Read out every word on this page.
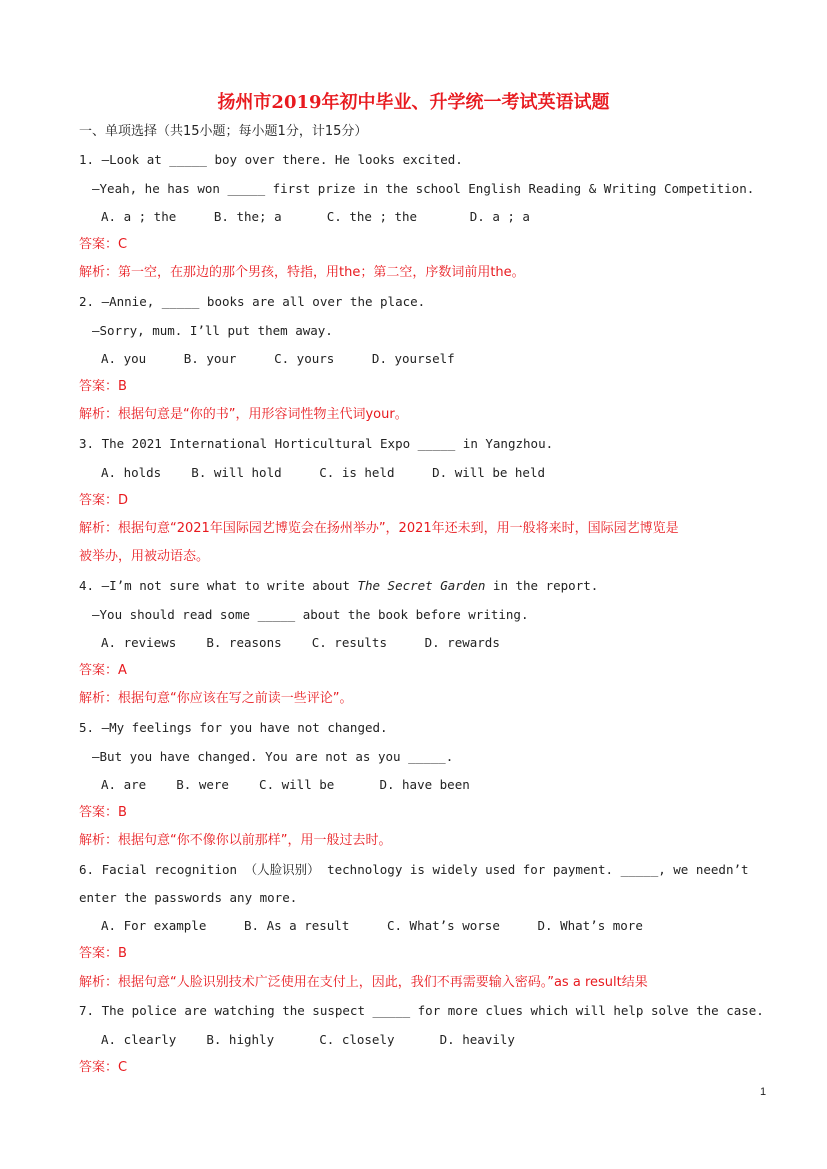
扬州市2019年初中毕业、升学统一考试英语试题
一、单项选择（共15小题；每小题1分，计15分）
1. —Look at _____ boy over there. He looks excited.
—Yeah, he has won _____ first prize in the school English Reading & Writing Competition.
A. a ; the     B. the; a      C. the ; the       D. a ; a
答案：C
解析：第一空，在那边的那个男孩，特指，用the；第二空，序数词前用the。
2. —Annie, _____ books are all over the place.
—Sorry, mum. I’ll put them away.
A. you     B. your     C. yours     D. yourself
答案：B
解析：根据句意是“你的书”，用形容词性物主代词your。
3. The 2021 International Horticultural Expo _____ in Yangzhou.
A. holds    B. will hold     C. is held     D. will be held
答案：D
解析：根据句意“2021年国际园艺博览会在扬州举办”，2021年还未到，用一般将来时，国际园艺博览是
被举办，用被动语态。
4. —I’m not sure what to write about The Secret Garden in the report.
—You should read some _____ about the book before writing.
A. reviews    B. reasons    C. results     D. rewards
答案：A
解析：根据句意“你应该在写之前读一些评论”。
5. —My feelings for you have not changed.
—But you have changed. You are not as you _____.
A. are    B. were    C. will be      D. have been
答案：B
解析：根据句意“你不像你以前那样”，用一般过去时。
6. Facial recognition （人脸识别） technology is widely used for payment. _____, we needn’t
enter the passwords any more.
A. For example     B. As a result     C. What’s worse     D. What’s more
答案：B
解析：根据句意“人脸识别技术广泛使用在支付上，因此，我们不再需要输入密码。”as a result结果
7. The police are watching the suspect _____ for more clues which will help solve the case.
A. clearly    B. highly      C. closely      D. heavily
答案：C
1
